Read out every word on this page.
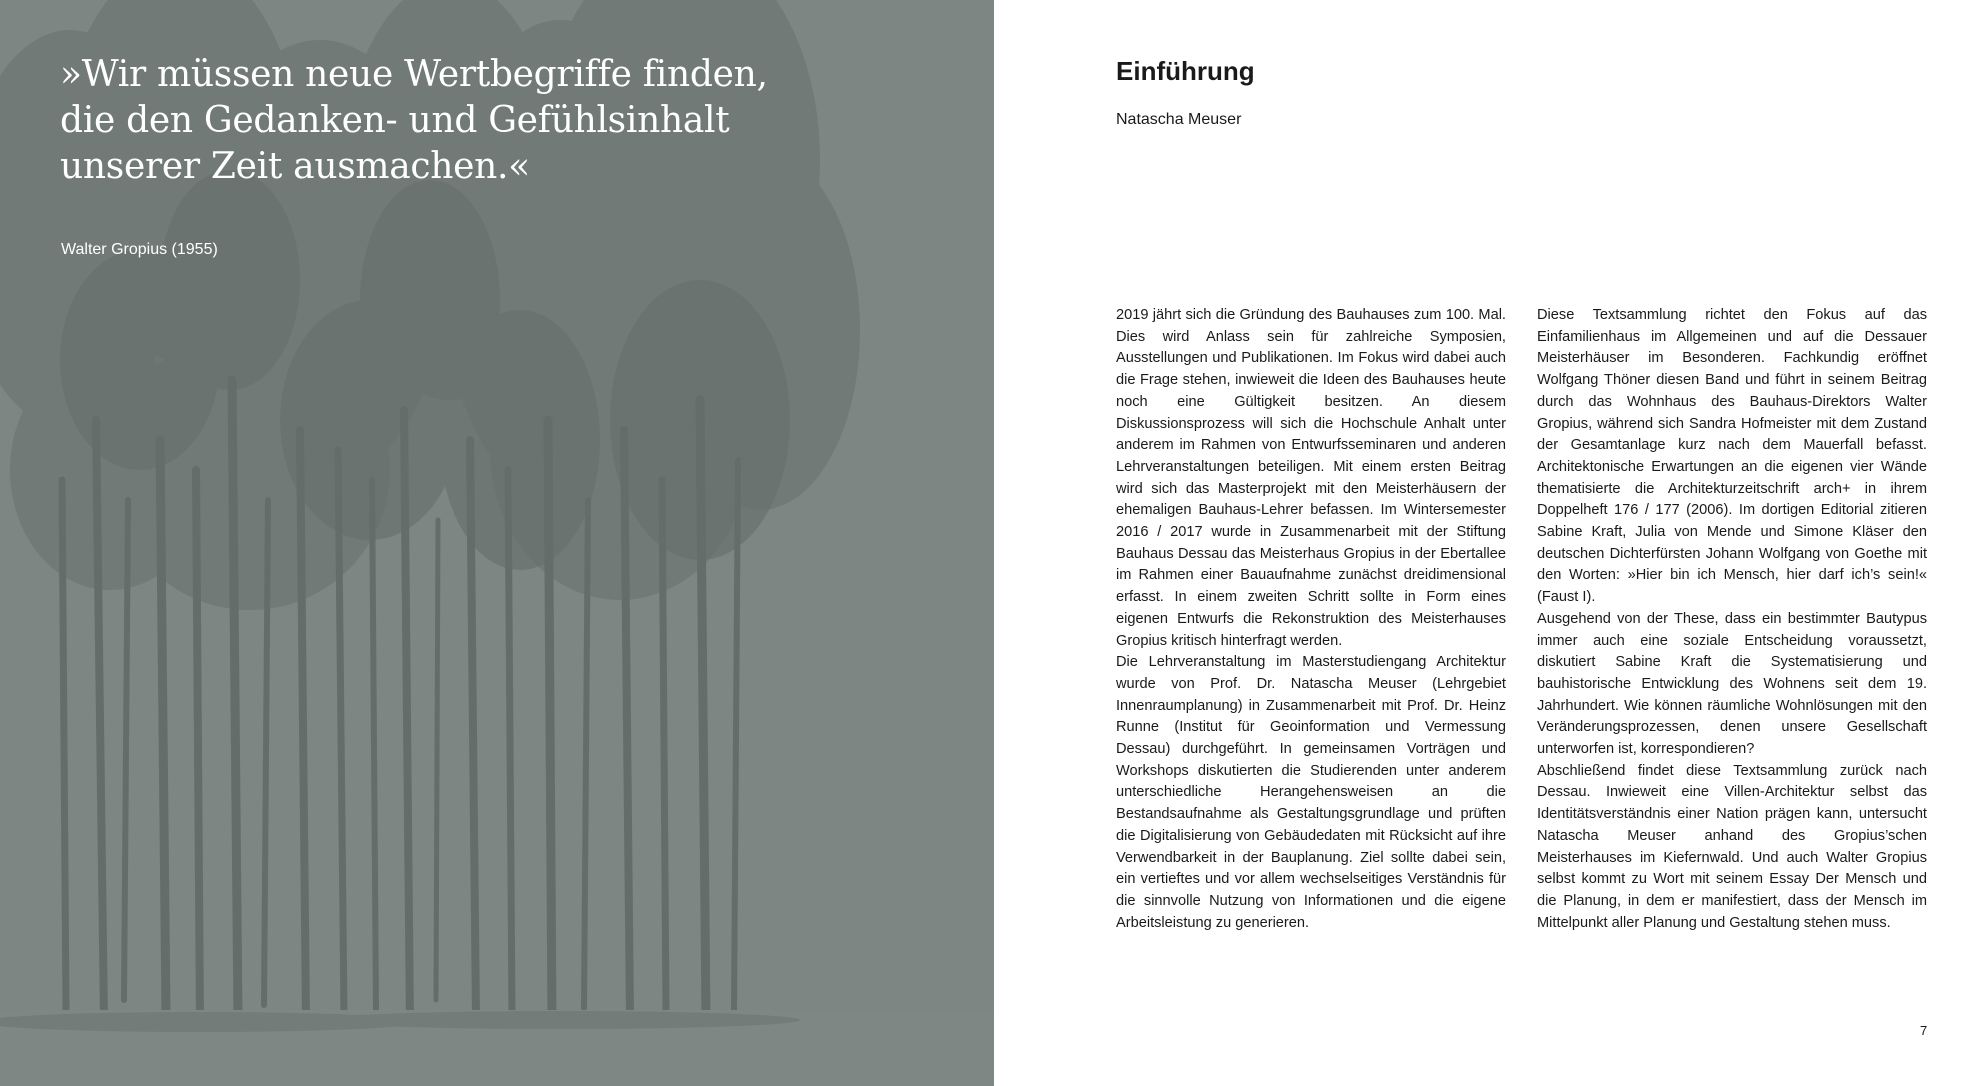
»Wir müssen neue Wertbegriffe finden,
die den Gedanken- und Gefühlsinhalt
unserer Zeit ausmachen.«
Walter Gropius (1955)
Einführung
Natascha Meuser

2019 jährt sich die Gründung des Bauhauses zum 100. Mal. Dies wird Anlass sein für zahlreiche Symposien, Ausstellungen und Publikationen. Im Fokus wird dabei auch die Frage stehen, inwieweit die Ideen des Bauhauses heute noch eine Gültigkeit besitzen. An diesem Diskussionsprozess will sich die Hochschule Anhalt unter anderem im Rahmen von Entwurfsseminaren und anderen Lehrveranstaltungen beteiligen. Mit einem ersten Beitrag wird sich das Masterprojekt mit den Meisterhäusern der ehemaligen Bauhaus-Lehrer befassen. Im Wintersemester 2016 / 2017 wurde in Zusammenarbeit mit der Stiftung Bauhaus Dessau das Meisterhaus Gropius in der Ebertallee im Rahmen einer Bauaufnahme zunächst dreidimensional erfasst. In einem zweiten Schritt sollte in Form eines eigenen Entwurfs die Rekonstruktion des Meisterhauses Gropius kritisch hinterfragt werden.

Die Lehrveranstaltung im Masterstudiengang Architektur wurde von Prof. Dr. Natascha Meuser (Lehrgebiet Innenraumplanung) in Zusammenarbeit mit Prof. Dr. Heinz Runne (Institut für Geoinformation und Vermessung Dessau) durchgeführt. In gemeinsamen Vorträgen und Workshops diskutierten die Studierenden unter anderem unterschiedliche Herangehensweisen an die Bestandsaufnahme als Gestaltungsgrundlage und prüften die Digitalisierung von Gebäudedaten mit Rücksicht auf ihre Verwendbarkeit in der Bauplanung. Ziel sollte dabei sein, ein vertieftes und vor allem wechselseitiges Verständnis für die sinnvolle Nutzung von Informationen und die eigene Arbeitsleistung zu generieren.

Diese Textsammlung richtet den Fokus auf das Einfamilienhaus im Allgemeinen und auf die Dessauer Meisterhäuser im Besonderen. Fachkundig eröffnet Wolfgang Thöner diesen Band und führt in seinem Beitrag durch das Wohnhaus des Bauhaus-Direktors Walter Gropius, während sich Sandra Hofmeister mit dem Zustand der Gesamtanlage kurz nach dem Mauerfall befasst. Architektonische Erwartungen an die eigenen vier Wände thematisierte die Architekturzeitschrift arch+ in ihrem Doppelheft 176 / 177 (2006). Im dortigen Editorial zitieren Sabine Kraft, Julia von Mende und Simone Kläser den deutschen Dichterfürsten Johann Wolfgang von Goethe mit den Worten: »Hier bin ich Mensch, hier darf ich’s sein!« (Faust I).

Ausgehend von der These, dass ein bestimmter Bautypus immer auch eine soziale Entscheidung voraussetzt, diskutiert Sabine Kraft die Systematisierung und bauhistorische Entwicklung des Wohnens seit dem 19. Jahrhundert. Wie können räumliche Wohnlösungen mit den Veränderungsprozessen, denen unsere Gesellschaft unterworfen ist, korrespondieren?

Abschließend findet diese Textsammlung zurück nach Dessau. Inwieweit eine Villen-Architektur selbst das Identitätsverständnis einer Nation prägen kann, untersucht Natascha Meuser anhand des Gropius’schen Meisterhauses im Kiefernwald. Und auch Walter Gropius selbst kommt zu Wort mit seinem Essay Der Mensch und die Planung, in dem er manifestiert, dass der Mensch im Mittelpunkt aller Planung und Gestaltung stehen muss.

7
